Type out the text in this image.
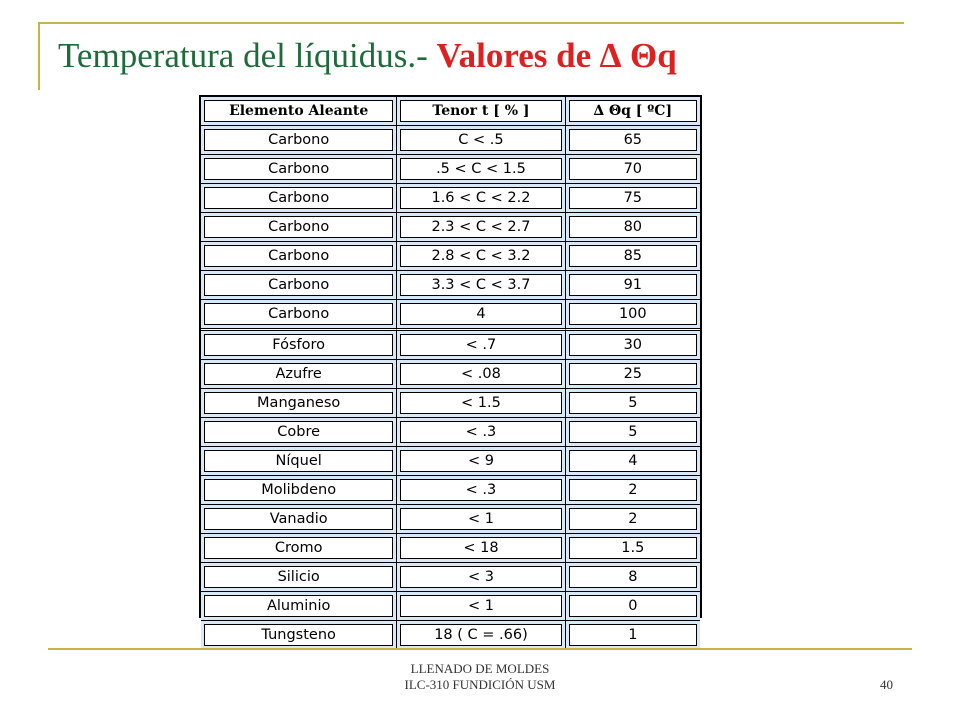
Temperatura del líquidus.- Valores de ∆ Θq
Elemento Aleante	Tenor t [ % ]	∆ Θq [ ºC]
Carbono	C < .5	65
Carbono	.5 < C < 1.5	70
Carbono	1.6 < C < 2.2	75
Carbono	2.3 < C < 2.7	80
Carbono	2.8 < C < 3.2	85
Carbono	3.3 < C < 3.7	91
Carbono	4	100
Fósforo	< .7	30
Azufre	< .08	25
Manganeso	< 1.5	5
Cobre	< .3	5
Níquel	< 9	4
Molibdeno	< .3	2
Vanadio	< 1	2
Cromo	< 18	1.5
Silicio	< 3	8
Aluminio	< 1	0
Tungsteno	18 ( C = .66)	1
LLENADO DE MOLDES
ILC-310 FUNDICIÓN USM	40
